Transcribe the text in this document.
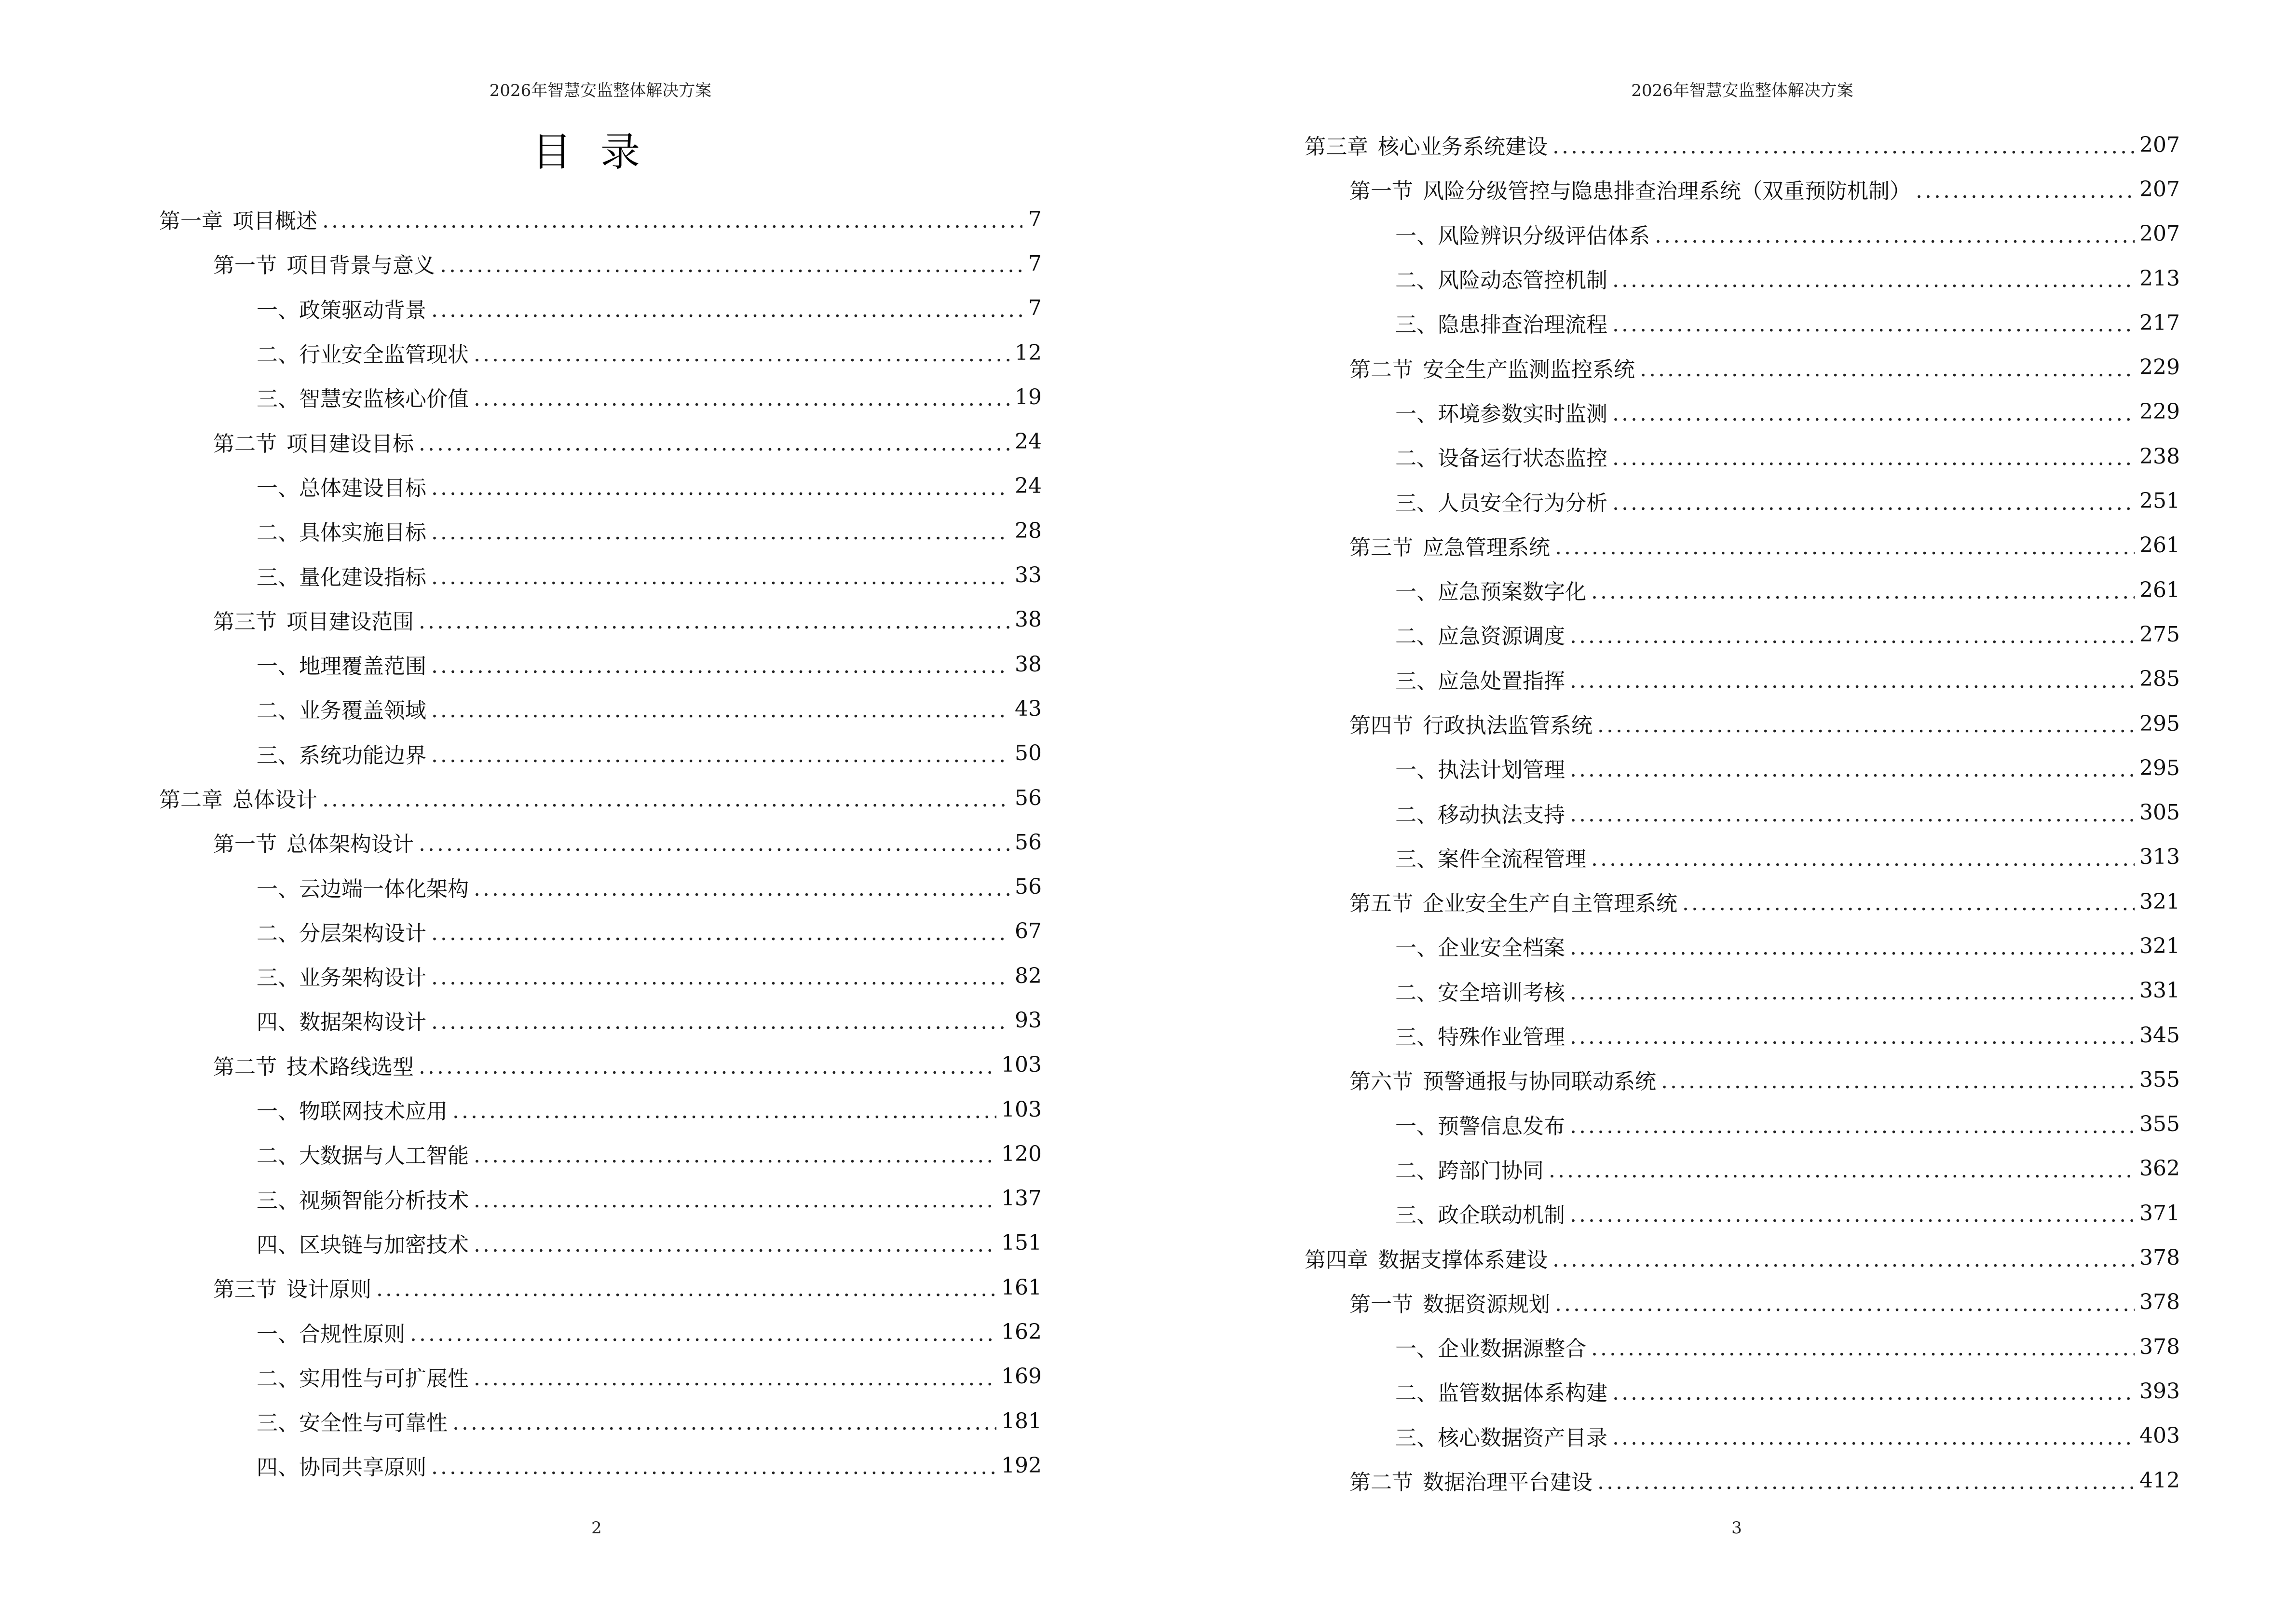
2026年智慧安监整体解决方案
目录
第一章 项目概述 .....	7
第一节 项目背景与意义 .....	7
一、 政策驱动背景 .....	7
二、 行业安全监管现状 .....	12
三、 智慧安监核心价值 .....	19
第二节 项目建设目标 .....	24
一、 总体建设目标 .....	24
二、 具体实施目标 .....	28
三、 量化建设指标 .....	33
第三节 项目建设范围 .....	38
一、 地理覆盖范围 .....	38
二、 业务覆盖领域 .....	43
三、 系统功能边界 .....	50
第二章 总体设计 .....	56
第一节 总体架构设计 .....	56
一、 云边端一体化架构 .....	56
二、 分层架构设计 .....	67
三、 业务架构设计 .....	82
四、 数据架构设计 .....	93
第二节 技术路线选型 .....	103
一、 物联网技术应用 .....	103
二、 大数据与人工智能 .....	120
三、 视频智能分析技术 .....	137
四、 区块链与加密技术 .....	151
第三节 设计原则 .....	161
一、 合规性原则 .....	162
二、 实用性与可扩展性 .....	169
三、 安全性与可靠性 .....	181
四、 协同共享原则 .....	192
2
2026年智慧安监整体解决方案
第三章 核心业务系统建设 .....	207
第一节 风险分级管控与隐患排查治理系统（双重预防机制） .....	207
一、 风险辨识分级评估体系 .....	207
二、 风险动态管控机制 .....	213
三、 隐患排查治理流程 .....	217
第二节 安全生产监测监控系统 .....	229
一、 环境参数实时监测 .....	229
二、 设备运行状态监控 .....	238
三、 人员安全行为分析 .....	251
第三节 应急管理系统 .....	261
一、 应急预案数字化 .....	261
二、 应急资源调度 .....	275
三、 应急处置指挥 .....	285
第四节 行政执法监管系统 .....	295
一、 执法计划管理 .....	295
二、 移动执法支持 .....	305
三、 案件全流程管理 .....	313
第五节 企业安全生产自主管理系统 .....	321
一、 企业安全档案 .....	321
二、 安全培训考核 .....	331
三、 特殊作业管理 .....	345
第六节 预警通报与协同联动系统 .....	355
一、 预警信息发布 .....	355
二、 跨部门协同 .....	362
三、 政企联动机制 .....	371
第四章 数据支撑体系建设 .....	378
第一节 数据资源规划 .....	378
一、 企业数据源整合 .....	378
二、 监管数据体系构建 .....	393
三、 核心数据资产目录 .....	403
第二节 数据治理平台建设 .....	412
3
